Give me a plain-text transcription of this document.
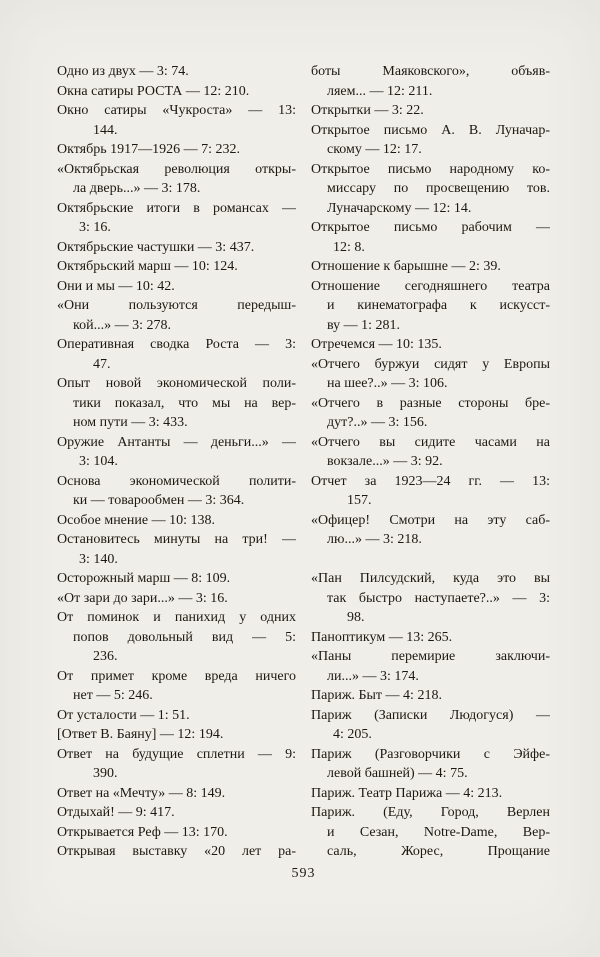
Одно из двух — 3: 74.
Окна сатиры РОСТА — 12: 210.
Окно сатиры «Чукроста» — 13:
144.
Октябрь 1917—1926 — 7: 232.
«Октябрьская революция откры-
ла дверь...» — 3: 178.
Октябрьские итоги в романсах —
3: 16.
Октябрьские частушки — 3: 437.
Октябрьский марш — 10: 124.
Они и мы — 10: 42.
«Они пользуются передыш-
кой...» — 3: 278.
Оперативная сводка Роста — 3:
47.
Опыт новой экономической поли-
тики показал, что мы на вер-
ном пути — 3: 433.
Оружие Антанты — деньги...» —
3: 104.
Основа экономической полити-
ки — товарообмен — 3: 364.
Особое мнение — 10: 138.
Остановитесь минуты на три! —
3: 140.
Осторожный марш — 8: 109.
«От зари до зари...» — 3: 16.
От поминок и панихид у одних
попов довольный вид — 5:
236.
От примет кроме вреда ничего
нет — 5: 246.
От усталости — 1: 51.
[Ответ В. Баяну] — 12: 194.
Ответ на будущие сплетни — 9:
390.
Ответ на «Мечту» — 8: 149.
Отдыхай! — 9: 417.
Открывается Реф — 13: 170.
Открывая выставку «20 лет ра-
боты Маяковского», объяв-
ляем... — 12: 211.
Открытки — 3: 22.
Открытое письмо А. В. Луначар-
скому — 12: 17.
Открытое письмо народному ко-
миссару по просвещению тов.
Луначарскому — 12: 14.
Открытое письмо рабочим —
12: 8.
Отношение к барышне — 2: 39.
Отношение сегодняшнего театра
и кинематографа к искусст-
ву — 1: 281.
Отречемся — 10: 135.
«Отчего буржуи сидят у Европы
на шее?..» — 3: 106.
«Отчего в разные стороны бре-
дут?..» — 3: 156.
«Отчего вы сидите часами на
вокзале...» — 3: 92.
Отчет за 1923—24 гг. — 13:
157.
«Офицер! Смотри на эту саб-
лю...» — 3: 218.
«Пан Пилсудский, куда это вы
так быстро наступаете?..» — 3:
98.
Паноптикум — 13: 265.
«Паны перемирие заключи-
ли...» — 3: 174.
Париж. Быт — 4: 218.
Париж (Записки Людогуся) —
4: 205.
Париж (Разговорчики с Эйфе-
левой башней) — 4: 75.
Париж. Театр Парижа — 4: 213.
Париж. (Еду, Город, Верлен
и Сезан, Notre-Dame, Вер-
саль, Жорес, Прощание
593
